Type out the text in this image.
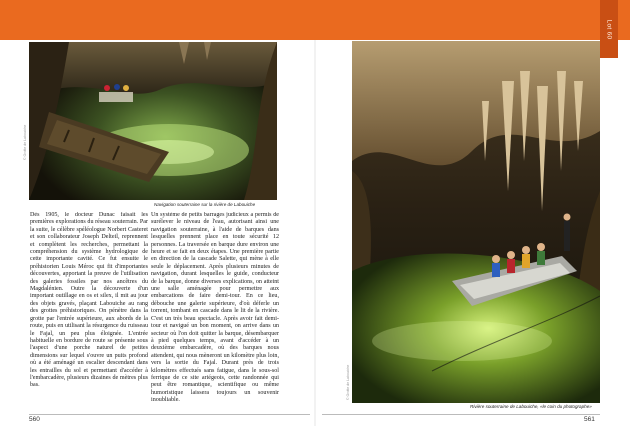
Lot 60
© Grotte de Labouiche
Navigation souterraine sur la rivière de Labouiche

Dès 1905, le docteur Dunac faisait les premières explorations du réseau souterrain. Par la suite, le célèbre spéléologue Norbert Casteret et son collaborateur Joseph Delteil, reprennent et complètent les recherches, permettant la compréhension du système hydrologique de cette importante cavité. Ce fut ensuite le préhistorien Louis Méroc qui fit d'importantes découvertes, apportant la preuve de l'utilisation des galeries fossiles par nos ancêtres du Magdalénien. Outre la découverte d'un important outillage en os et silex, il mit au jour des objets gravés, plaçant Labouiche au rang des grottes préhistoriques. On pénètre dans la grotte par l'entrée supérieure, aux abords de la route, puis en utilisant la résurgence du ruisseau le Fajal, un peu plus éloignée. L'entrée habituelle en bordure de route se présente sous l'aspect d'une porche naturel de petites dimensions sur lequel s'ouvre un puits profond où a été aménagé un escalier descendant dans les entrailles du sol et permettant d'accéder à l'embarcadère, plusieurs dizaines de mètres plus bas.

Un système de petits barrages judicieux a permis de surélever le niveau de l'eau, autorisant ainsi une navigation souterraine, à l'aide de barques dans lesquelles prennent place en toute sécurité 12 personnes. La traversée en barque dure environ une heure et se fait en deux étapes. Une première partie en direction de la cascade Salette, qui mène à elle seule le déplacement. Après plusieurs minutes de navigation, durant lesquelles le guide, conducteur de la barque, donne diverses explications, on atteint une salle aménagée pour permettre aux embarcations de faire demi-tour. En ce lieu, débouche une galerie supérieure, d'où déferle un torrent, tombant en cascade dans le lit de la rivière. C'est un très beau spectacle. Après avoir fait demi-tour et navigué un bon moment, on arrive dans un secteur où l'on doit quitter la barque, désembarquer à pied quelques temps, avant d'accéder à un deuxième embarcadère, où des barques nous attendent, qui nous mèneront un kilomètre plus loin, vers la sortie du Fajal. Durant près de trois kilomètres effectués sans fatigue, dans le sous-sol ferrique de ce site ariégeois, cette randonnée qui peut être romantique, scientifique ou même humoristique laissera toujours un souvenir inoubliable.

560
© Grotte de Labouiche
Rivière souterraine de Labouiche, «le coin du photographe»
561
